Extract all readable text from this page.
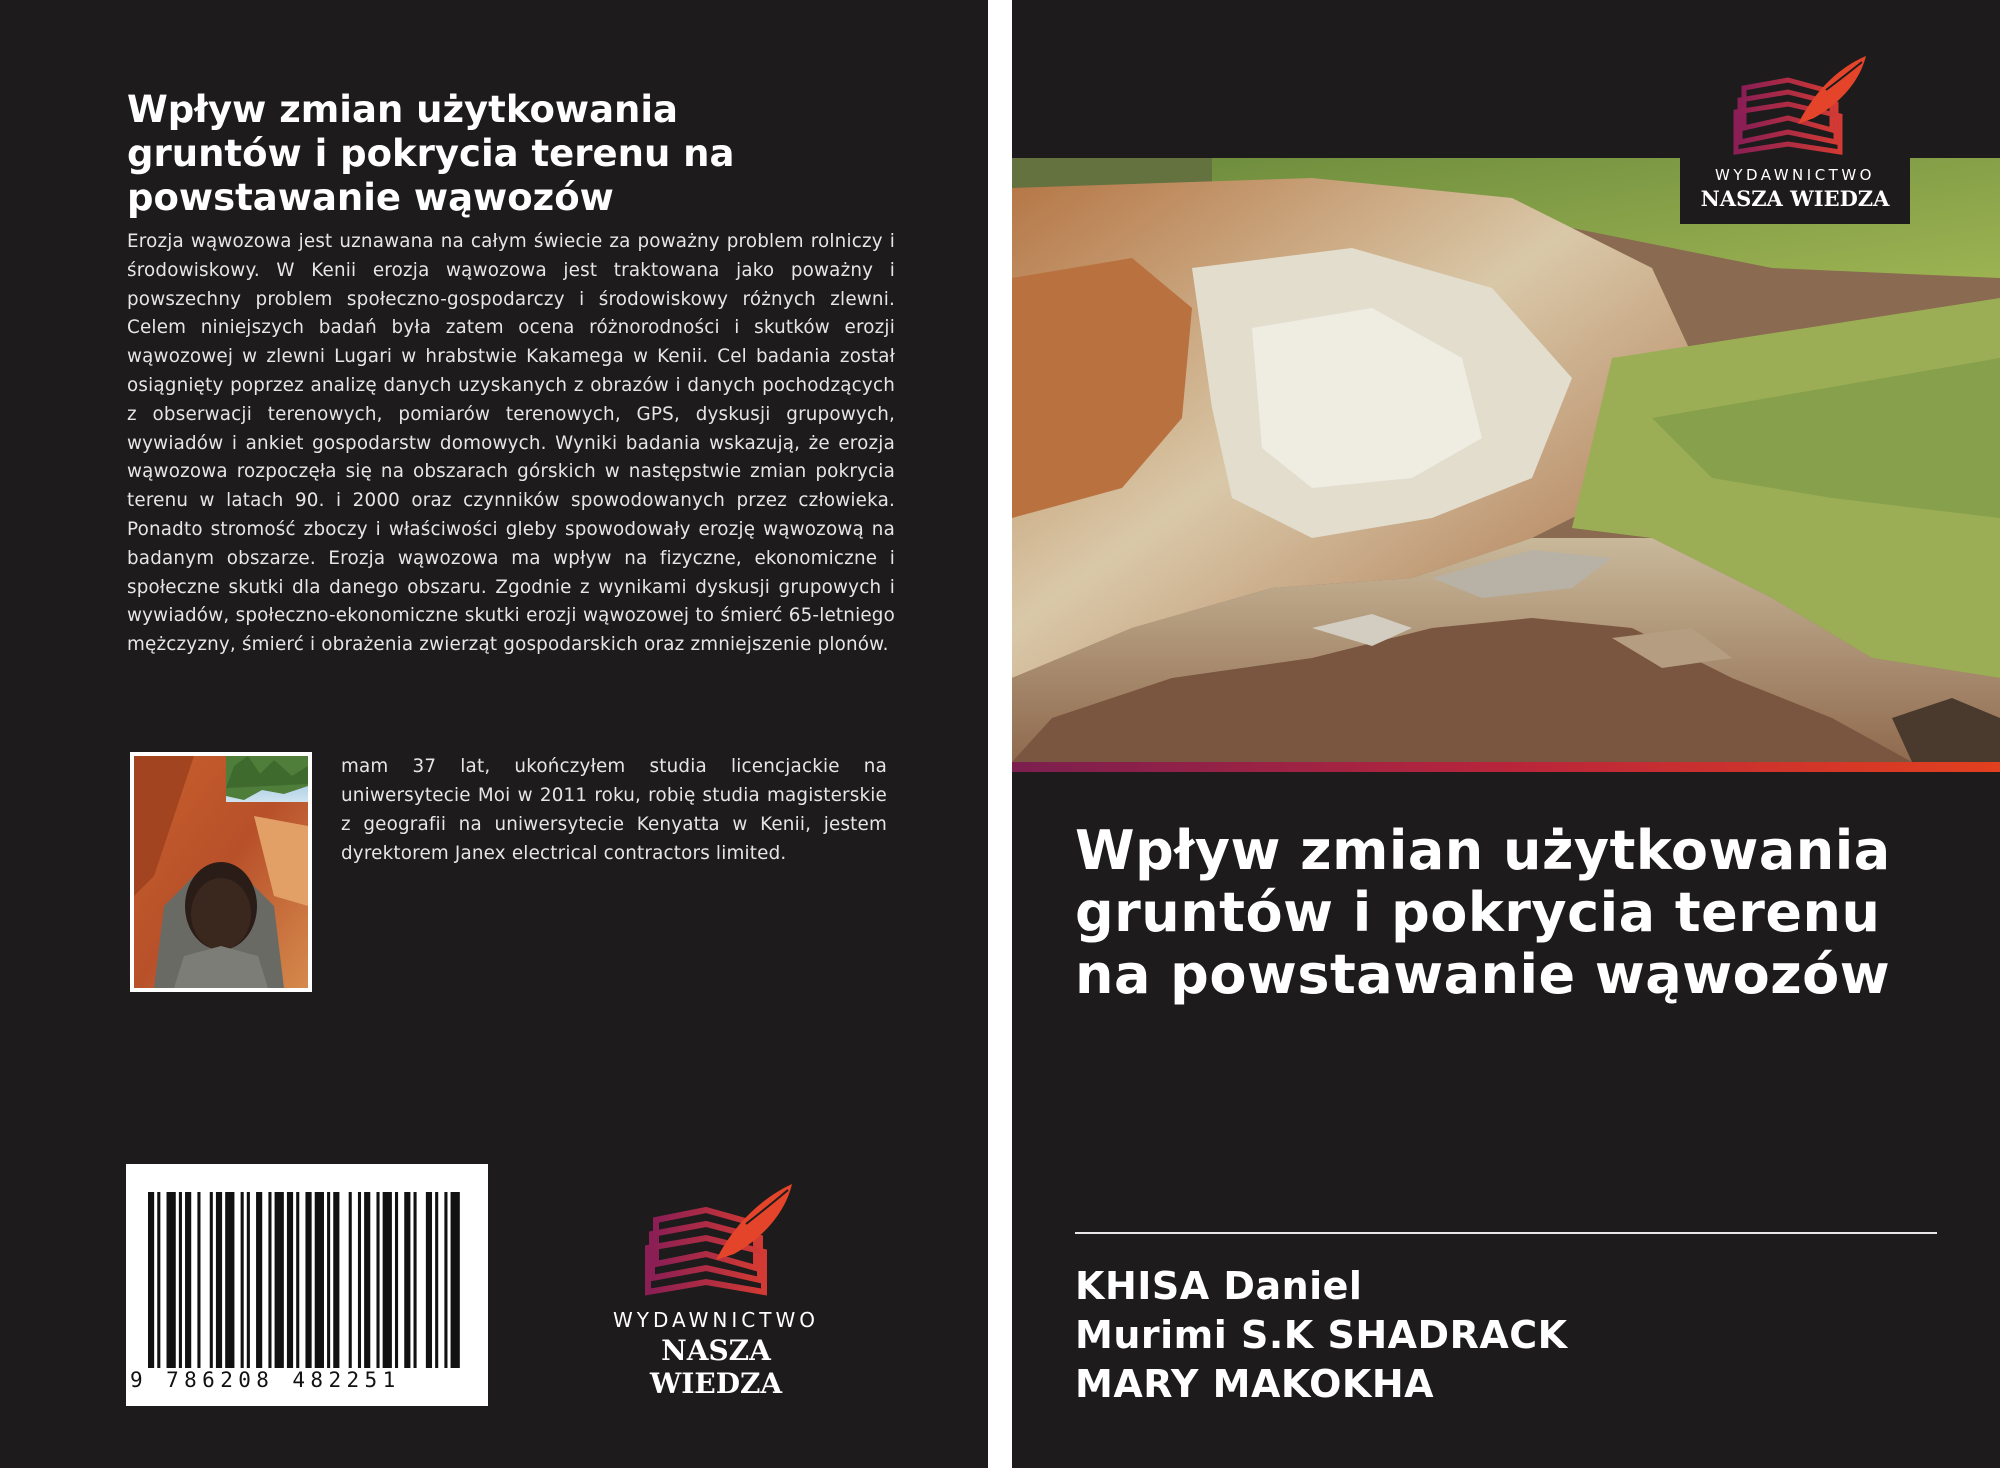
Wpływ zmian użytkowania gruntów i pokrycia terenu na powstawanie wąwozów
Erozja wąwozowa jest uznawana na całym świecie za poważny problem rolniczy i środowiskowy. W Kenii erozja wąwozowa jest traktowana jako poważny i powszechny problem społeczno-gospodarczy i środowiskowy różnych zlewni. Celem niniejszych badań była zatem ocena różnorodności i skutków erozji wąwozowej w zlewni Lugari w hrabstwie Kakamega w Kenii. Cel badania został osiągnięty poprzez analizę danych uzyskanych z obrazów i danych pochodzących z obserwacji terenowych, pomiarów terenowych, GPS, dyskusji grupowych, wywiadów i ankiet gospodarstw domowych. Wyniki badania wskazują, że erozja wąwozowa rozpoczęła się na obszarach górskich w następstwie zmian pokrycia terenu w latach 90. i 2000 oraz czynników spowodowanych przez człowieka. Ponadto stromość zboczy i właściwości gleby spowodowały erozję wąwozową na badanym obszarze. Erozja wąwozowa ma wpływ na fizyczne, ekonomiczne i społeczne skutki dla danego obszaru. Zgodnie z wynikami dyskusji grupowych i wywiadów, społeczno-ekonomiczne skutki erozji wąwozowej to śmierć 65-letniego mężczyzny, śmierć i obrażenia zwierząt gospodarskich oraz zmniejszenie plonów.
mam 37 lat, ukończyłem studia licencjackie na uniwersytecie Moi w 2011 roku, robię studia magisterskie z geografii na uniwersytecie Kenyatta w Kenii, jestem dyrektorem Janex electrical contractors limited.
9 786208 482251
WYDAWNICTWO
NASZA WIEDZA
WYDAWNICTWO
NASZA WIEDZA
Wpływ zmian użytkowania gruntów i pokrycia terenu na powstawanie wąwozów
KHISA Daniel
Murimi S.K SHADRACK
MARY MAKOKHA
